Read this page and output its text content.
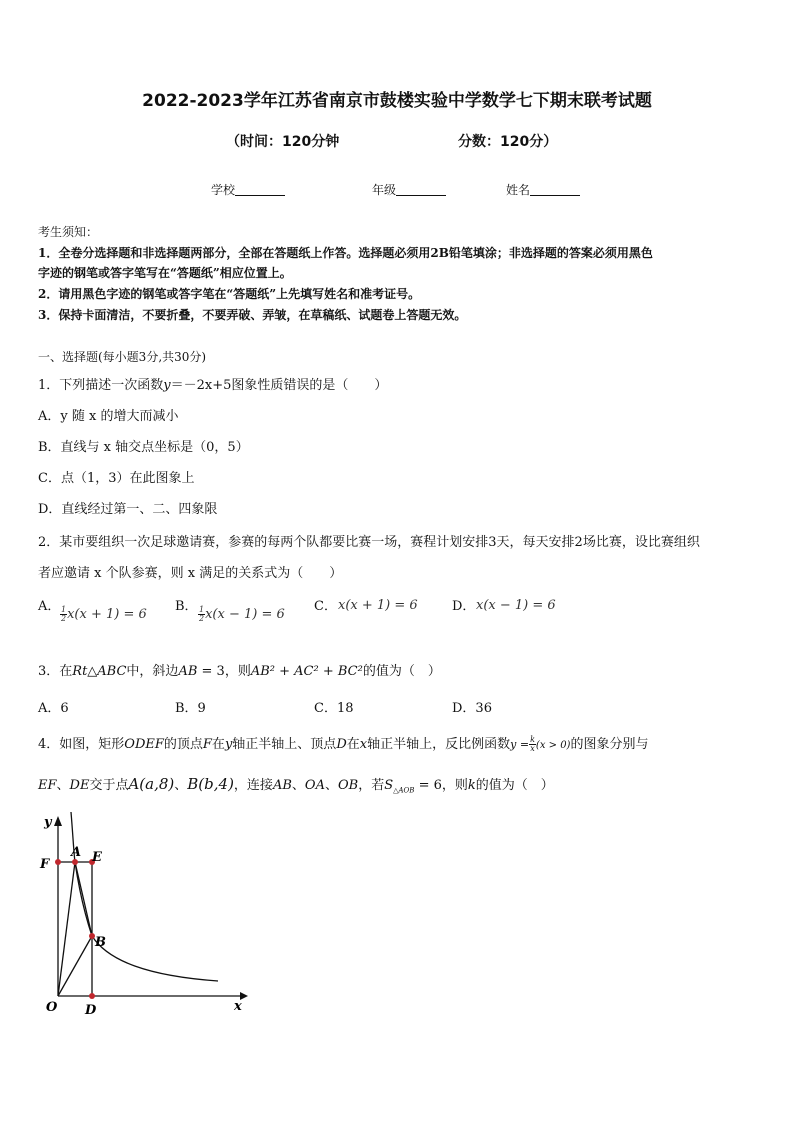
2022-2023学年江苏省南京市鼓楼实验中学数学七下期末联考试题
（时间：120分钟	分数：120分）
学校	年级	姓名
考生须知：
1．全卷分选择题和非选择题两部分，全部在答题纸上作答。选择题必须用2B铅笔填涂；非选择题的答案必须用黑色
字迹的钢笔或答字笔写在“答题纸”相应位置上。
2．请用黑色字迹的钢笔或答字笔在“答题纸”上先填写姓名和准考证号。
3．保持卡面清洁，不要折叠，不要弄破、弄皱，在草稿纸、试题卷上答题无效。
一、选择题(每小题3分,共30分)
1．下列描述一次函数y＝－2x+5图象性质错误的是（　　）
A．y 随 x 的增大而减小
B．直线与 x 轴交点坐标是（0，5）
C．点（1，3）在此图象上
D．直线经过第一、二、四象限
2．某市要组织一次足球邀请赛，参赛的每两个队都要比赛一场，赛程计划安排3天，每天安排2场比赛，设比赛组织
者应邀请 x 个队参赛，则 x 满足的关系式为（　　）
A． $\frac{1}{2} x(x + 1) = 6$
B． $\frac{1}{2} x(x - 1) = 6$
C． x(x + 1) = 6	D． x(x − 1) = 6
3．在Rt△ABC中，斜边AB = 3，则AB² + AC² + BC²的值为（　）
A．6	B．9	C．18	D．36
4．如图，矩形ODEF的顶点F在y轴正半轴上、顶点D在x轴正半轴上，反比例函数$y = \frac{k}{x} (x > 0)$的图象分别与
EF、DE交于点A(a,8)、B(b,4)，连接AB、OA、OB，若$S_{\triangle AOB} = 6$，则k的值为（　）
y
x
O D
F
A E
B
